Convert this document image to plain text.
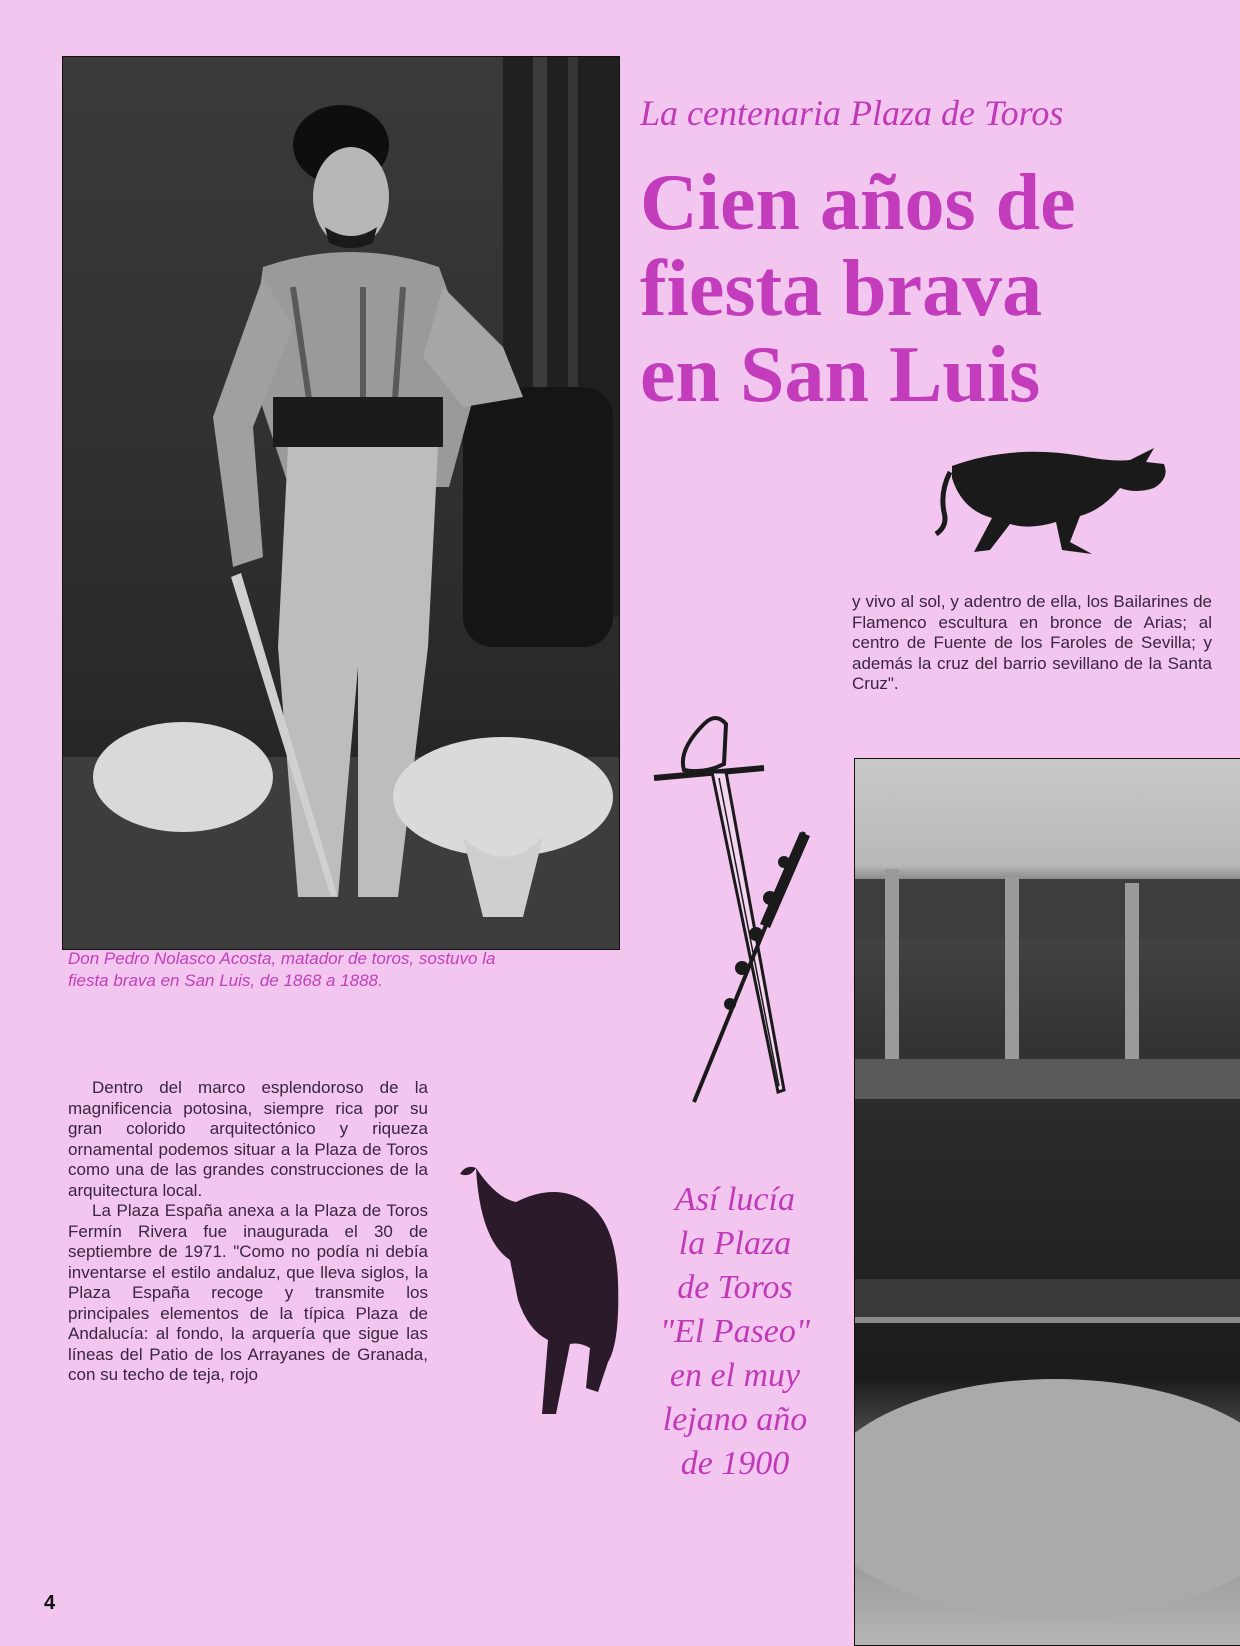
La centenaria Plaza de Toros
Cien años de
fiesta brava
en San Luis

y vivo al sol, y adentro de ella, los Bailarines de Flamenco escultura en bronce de Arias; al centro de Fuente de los Faroles de Sevilla; y además la cruz del barrio sevillano de la Santa Cruz".

Don Pedro Nolasco Acosta, matador de toros, sostuvo la
fiesta brava en San Luis, de 1868 a 1888.

Dentro del marco esplendoroso de la magnificencia potosina, siempre rica por su gran colorido arquitectónico y riqueza ornamental podemos situar a la Plaza de Toros como una de las grandes construcciones de la arquitectura local.

La Plaza España anexa a la Plaza de Toros Fermín Rivera fue inaugurada el 30 de septiembre de 1971. "Como no podía ni debía inventarse el estilo andaluz, que lleva siglos, la Plaza España recoge y transmite los principales elementos de la típica Plaza de Andalucía: al fondo, la arquería que sigue las líneas del Patio de los Arrayanes de Granada, con su techo de teja, rojo

Así lucía
la Plaza
de Toros
"El Paseo"
en el muy
lejano año
de 1900
4
